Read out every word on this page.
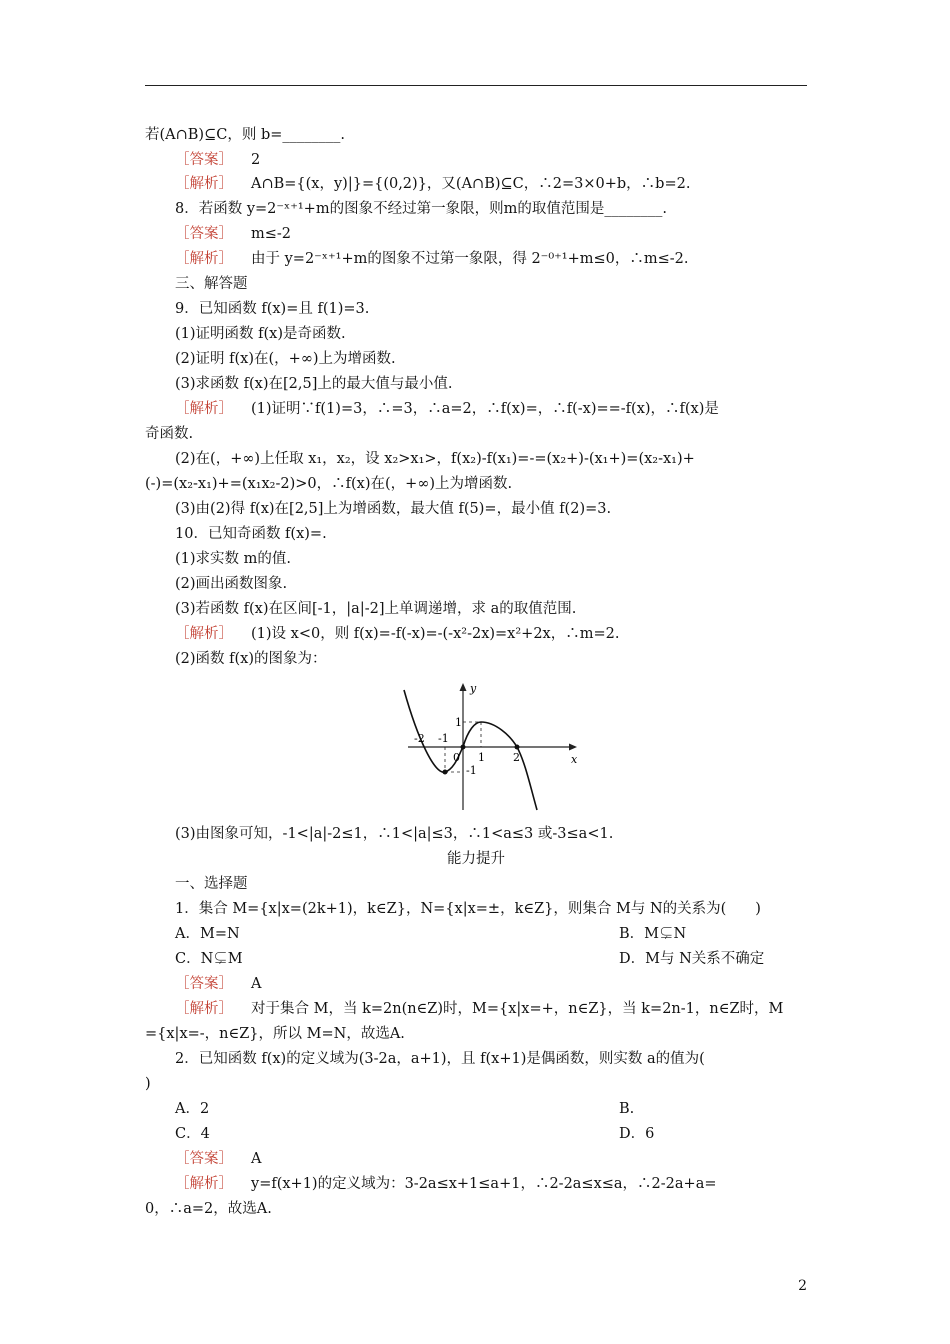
若(A∩B)⊆C，则 b=________.
［答案］ 2
［解析］ A∩B={(x，y)|}={(0,2)}，又(A∩B)⊆C，∴2=3×0+b，∴b=2.
8．若函数 y=2⁻ˣ⁺¹+m的图象不经过第一象限，则m的取值范围是________.
［答案］ m≤-2
［解析］ 由于 y=2⁻ˣ⁺¹+m的图象不过第一象限，得 2⁻⁰⁺¹+m≤0，∴m≤-2.
三、解答题
9．已知函数 f(x)=且 f(1)=3.
(1)证明函数 f(x)是奇函数.
(2)证明 f(x)在(，+∞)上为增函数.
(3)求函数 f(x)在[2,5]上的最大值与最小值.
［解析］ (1)证明∵f(1)=3，∴=3，∴a=2，∴f(x)=，∴f(-x)==-f(x)，∴f(x)是
奇函数.
(2)在(，+∞)上任取 x₁，x₂，设 x₂>x₁>，f(x₂)-f(x₁)=-=(x₂+)-(x₁+)=(x₂-x₁)+
(-)=(x₂-x₁)+=(x₁x₂-2)>0，∴f(x)在(，+∞)上为增函数.
(3)由(2)得 f(x)在[2,5]上为增函数，最大值 f(5)=，最小值 f(2)=3.
10．已知奇函数 f(x)=.
(1)求实数 m的值.
(2)画出函数图象.
(3)若函数 f(x)在区间[-1，|a|-2]上单调递增，求 a的取值范围.
［解析］ (1)设 x<0，则 f(x)=-f(-x)=-(-x²-2x)=x²+2x，∴m=2.
(2)函数 f(x)的图象为：
y
x
-2 -1
0 1	2
1
-1
(3)由图象可知，-1<|a|-2≤1，∴1<|a|≤3，∴1<a≤3 或-3≤a<1.
能力提升
一、选择题
1．集合 M={x|x=(2k+1)，k∈Z}，N={x|x=±，k∈Z}，则集合 M与 N的关系为(　　)
A．M=N	B．M⊊N
C．N⊊M	D．M与 N关系不确定
［答案］ A
［解析］ 对于集合 M，当 k=2n(n∈Z)时，M={x|x=+，n∈Z}，当 k=2n-1，n∈Z时，M
={x|x=-，n∈Z}，所以 M=N，故选A.
2．已知函数 f(x)的定义域为(3-2a，a+1)，且 f(x+1)是偶函数，则实数 a的值为(
)
A．2	B.
C．4	D．6
［答案］ A
［解析］ y=f(x+1)的定义域为：3-2a≤x+1≤a+1，∴2-2a≤x≤a，∴2-2a+a=
0，∴a=2，故选A.
2
